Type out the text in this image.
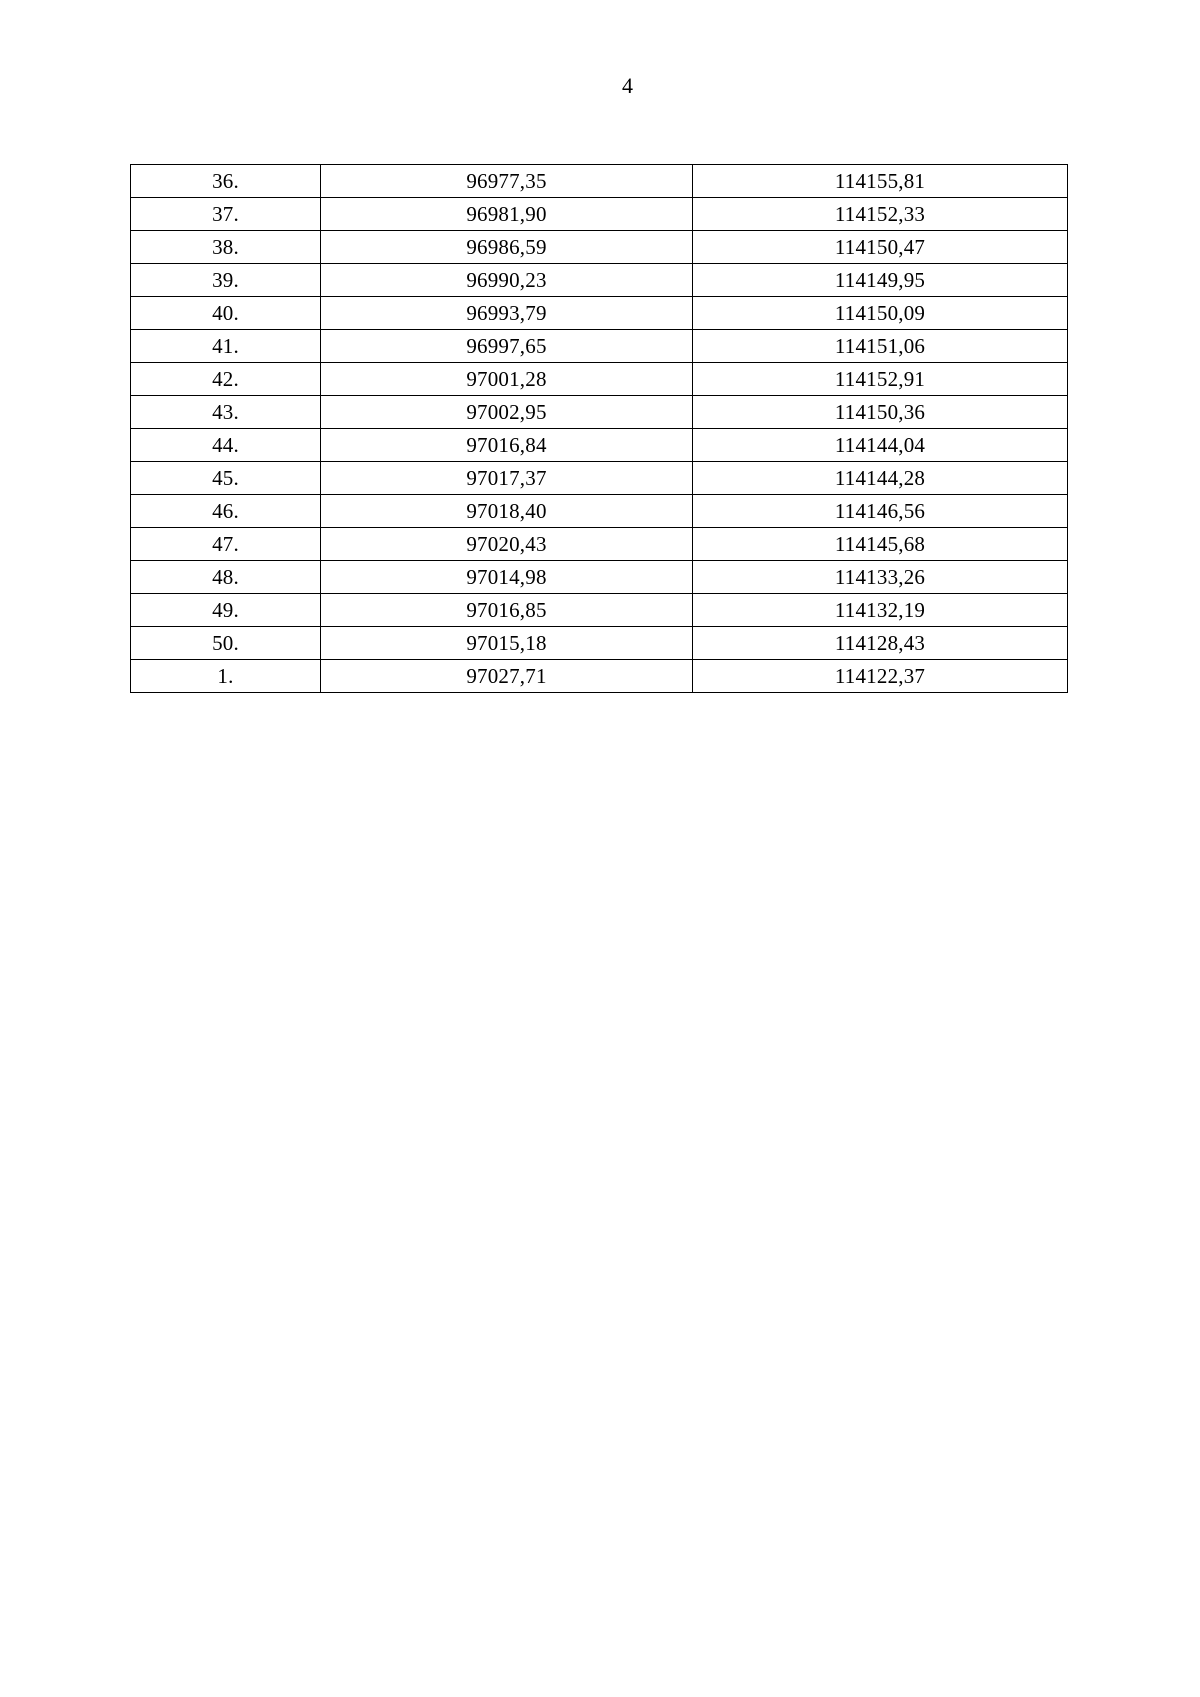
4
36.	96977,35	114155,81
37.	96981,90	114152,33
38.	96986,59	114150,47
39.	96990,23	114149,95
40.	96993,79	114150,09
41.	96997,65	114151,06
42.	97001,28	114152,91
43.	97002,95	114150,36
44.	97016,84	114144,04
45.	97017,37	114144,28
46.	97018,40	114146,56
47.	97020,43	114145,68
48.	97014,98	114133,26
49.	97016,85	114132,19
50.	97015,18	114128,43
1.	97027,71	114122,37
